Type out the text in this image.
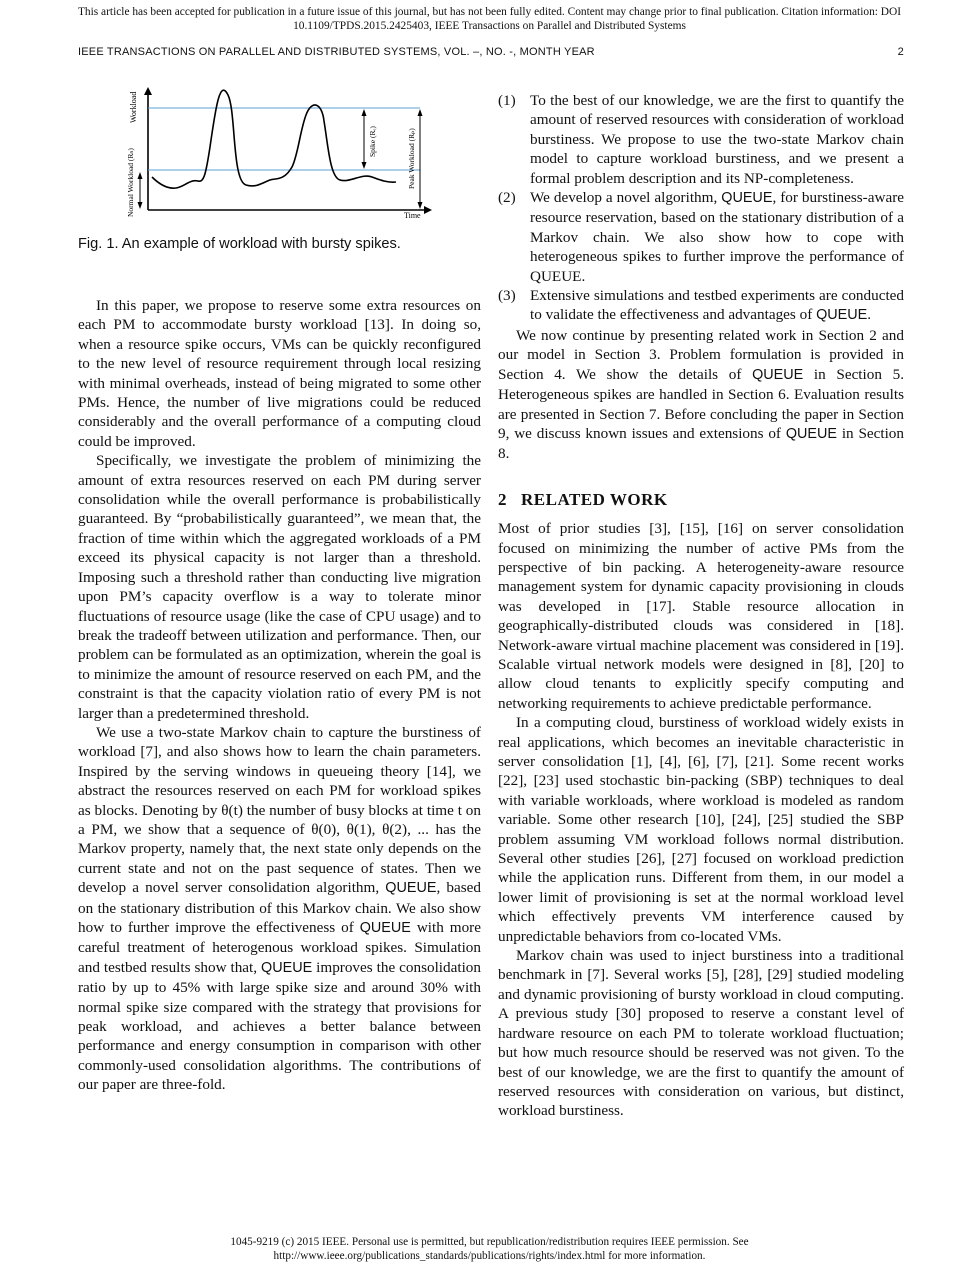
This article has been accepted for publication in a future issue of this journal, but has not been fully edited. Content may change prior to final publication. Citation information: DOI
10.1109/TPDS.2015.2425403, IEEE Transactions on Parallel and Distributed Systems
IEEE TRANSACTIONS ON PARALLEL AND DISTRIBUTED SYSTEMS, VOL. –, NO. -, MONTH YEAR	2
Workload
Normal Workload (Rₙ)
Spike (Rₑ)	Peak Workload (Rₚ)
Time
Fig. 1. An example of workload with bursty spikes.

In this paper, we propose to reserve some extra resources on each PM to accommodate bursty workload [13]. In doing so, when a resource spike occurs, VMs can be quickly reconfigured to the new level of resource requirement through local resizing with minimal overheads, instead of being migrated to some other PMs. Hence, the number of live migrations could be reduced considerably and the overall performance of a computing cloud could be improved.

Specifically, we investigate the problem of minimizing the amount of extra resources reserved on each PM during server consolidation while the overall performance is probabilistically guaranteed. By “probabilistically guaranteed”, we mean that, the fraction of time within which the aggregated workloads of a PM exceed its physical capacity is not larger than a threshold. Imposing such a threshold rather than conducting live migration upon PM’s capacity overflow is a way to tolerate minor fluctuations of resource usage (like the case of CPU usage) and to break the tradeoff between utilization and performance. Then, our problem can be formulated as an optimization, wherein the goal is to minimize the amount of resource reserved on each PM, and the constraint is that the capacity violation ratio of every PM is not larger than a predetermined threshold.

We use a two-state Markov chain to capture the burstiness of workload [7], and also shows how to learn the chain parameters. Inspired by the serving windows in queueing theory [14], we abstract the resources reserved on each PM for workload spikes as blocks. Denoting by θ(t) the number of busy blocks at time t on a PM, we show that a sequence of θ(0), θ(1), θ(2), ... has the Markov property, namely that, the next state only depends on the current state and not on the past sequence of states. Then we develop a novel server consolidation algorithm, QUEUE, based on the stationary distribution of this Markov chain. We also show how to further improve the effectiveness of QUEUE with more careful treatment of heterogenous workload spikes. Simulation and testbed results show that, QUEUE improves the consolidation ratio by up to 45% with large spike size and around 30% with normal spike size compared with the strategy that provisions for peak workload, and achieves a better balance between performance and energy consumption in comparison with other commonly-used consolidation algorithms. The contributions of our paper are three-fold.

(1) To the best of our knowledge, we are the first to quantify the amount of reserved resources with consideration of workload burstiness. We propose to use the two-state Markov chain model to capture workload burstiness, and we present a formal problem description and its NP-completeness.
(2) We develop a novel algorithm, QUEUE, for burstiness-aware resource reservation, based on the stationary distribution of a Markov chain. We also show how to cope with heterogeneous spikes to further improve the performance of QUEUE.
(3) Extensive simulations and testbed experiments are conducted to validate the effectiveness and advantages of QUEUE.

We now continue by presenting related work in Section 2 and our model in Section 3. Problem formulation is provided in Section 4. We show the details of QUEUE in Section 5. Heterogeneous spikes are handled in Section 6. Evaluation results are presented in Section 7. Before concluding the paper in Section 9, we discuss known issues and extensions of QUEUE in Section 8.

2 RELATED WORK

Most of prior studies [3], [15], [16] on server consolidation focused on minimizing the number of active PMs from the perspective of bin packing. A heterogeneity-aware resource management system for dynamic capacity provisioning in clouds was developed in [17]. Stable resource allocation in geographically-distributed clouds was considered in [18]. Network-aware virtual machine placement was considered in [19]. Scalable virtual network models were designed in [8], [20] to allow cloud tenants to explicitly specify computing and networking requirements to achieve predictable performance.

In a computing cloud, burstiness of workload widely exists in real applications, which becomes an inevitable characteristic in server consolidation [1], [4], [6], [7], [21]. Some recent works [22], [23] used stochastic bin-packing (SBP) techniques to deal with variable workloads, where workload is modeled as random variable. Some other research [10], [24], [25] studied the SBP problem assuming VM workload follows normal distribution. Several other studies [26], [27] focused on workload prediction while the application runs. Different from them, in our model a lower limit of provisioning is set at the normal workload level which effectively prevents VM interference caused by unpredictable behaviors from co-located VMs.

Markov chain was used to inject burstiness into a traditional benchmark in [7]. Several works [5], [28], [29] studied modeling and dynamic provisioning of bursty workload in cloud computing. A previous study [30] proposed to reserve a constant level of hardware resource on each PM to tolerate workload fluctuation; but how much resource should be reserved was not given. To the best of our knowledge, we are the first to quantify the amount of reserved resources with consideration on various, but distinct, workload burstiness.

1045-9219 (c) 2015 IEEE. Personal use is permitted, but republication/redistribution requires IEEE permission. See
http://www.ieee.org/publications_standards/publications/rights/index.html for more information.
